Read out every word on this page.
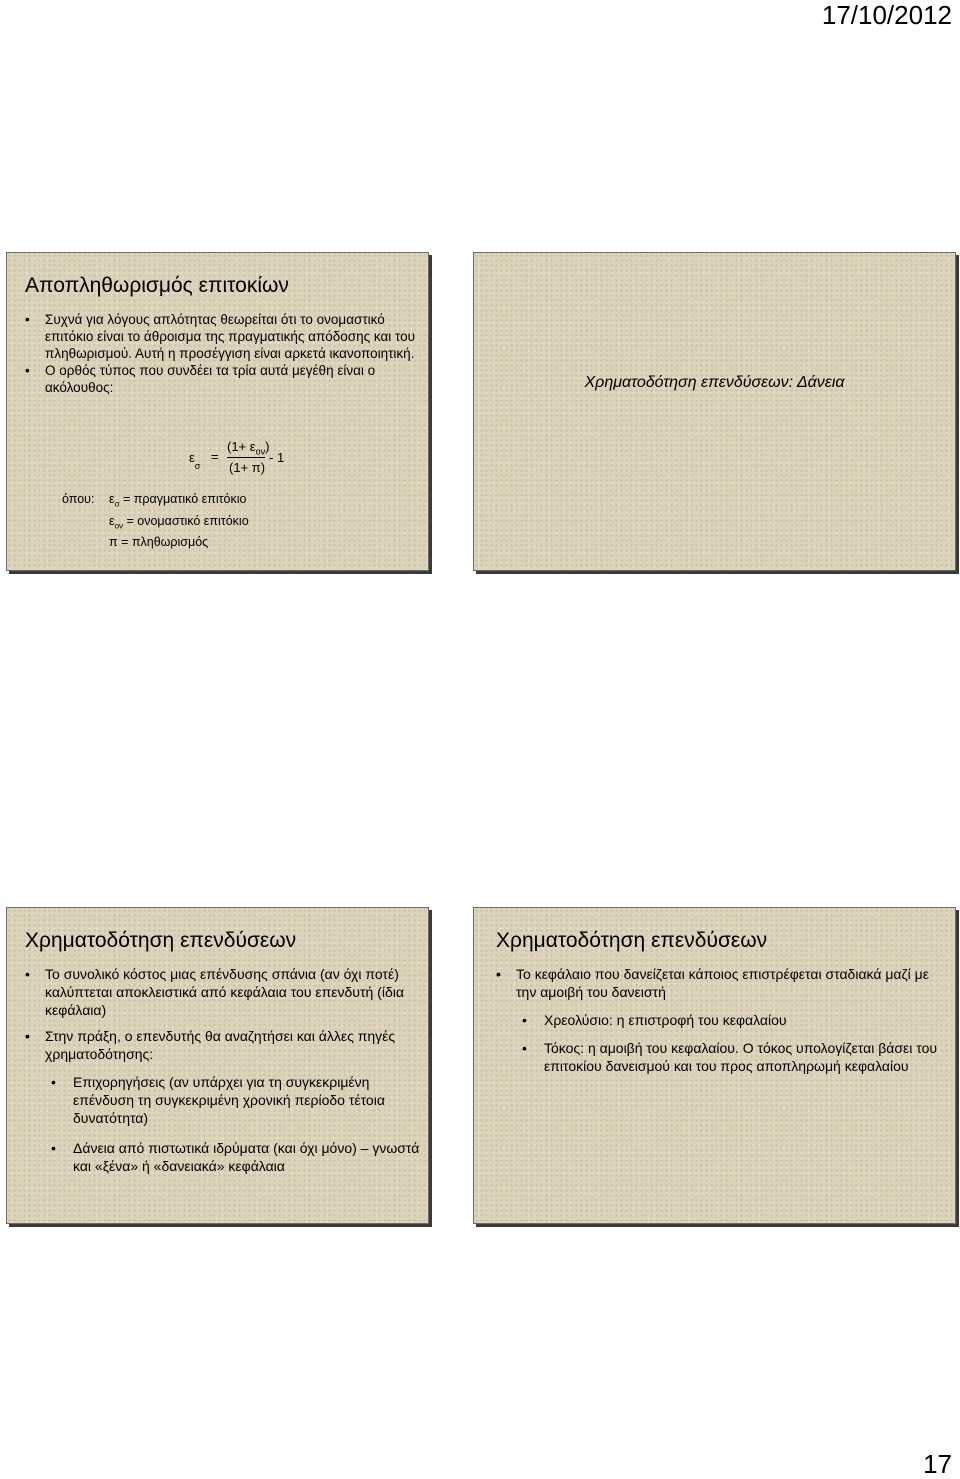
17/10/2012
Αποπληθωρισμός επιτοκίων
• Συχνά για λόγους απλότητας θεωρείται ότι το ονομαστικό επιτόκιο είναι το άθροισμα της πραγματικής απόδοσης και του πληθωρισμού. Αυτή η προσέγγιση είναι αρκετά ικανοποιητική.
• Ο ορθός τύπος που συνδέει τα τρία αυτά μεγέθη είναι ο ακόλουθος:
$\varepsilon_\sigma$
=
$(1+ \varepsilon_{o\nu})$
(1+ π)
- 1
όπου: $\varepsilon_\sigma = \pi\rho\alpha\gamma\mu\alpha\tau\iota\kappa ό$ επιτόκιο
$\varepsilon_{o\nu} = o\nu o\mu\alpha\sigma\tau\iota\kappa ό$ επιτόκιο
π = πληθωρισμός
Χρηματοδότηση επενδύσεων: Δάνεια
Χρηματοδότηση επενδύσεων
• Το συνολικό κόστος μιας επένδυσης σπάνια (αν όχι ποτέ) καλύπτεται αποκλειστικά από κεφάλαια του επενδυτή (ίδια κεφάλαια)
• • Στην πράξη, ο επενδυτής θα αναζητήσει και άλλες πηγές χρηματοδότησης:
• Επιχορηγήσεις (αν υπάρχει για τη συγκεκριμένη επένδυση τη συγκεκριμένη χρονική περίοδο τέτοια δυνατότητα)
• Δάνεια από πιστωτικά ιδρύματα (και όχι μόνο) – γνωστά και «ξένα» ή «δανειακά» κεφάλαια
Χρηματοδότηση επενδύσεων
• • Το κεφάλαιο που δανείζεται κάποιος επιστρέφεται σταδιακά μαζί με την αμοιβή του δανειστή
• Χρεολύσιο: η επιστροφή του κεφαλαίου
• Τόκος: η αμοιβή του κεφαλαίου. Ο τόκος υπολογίζεται βάσει του επιτοκίου δανεισμού και του προς αποπληρωμή κεφαλαίου
17
